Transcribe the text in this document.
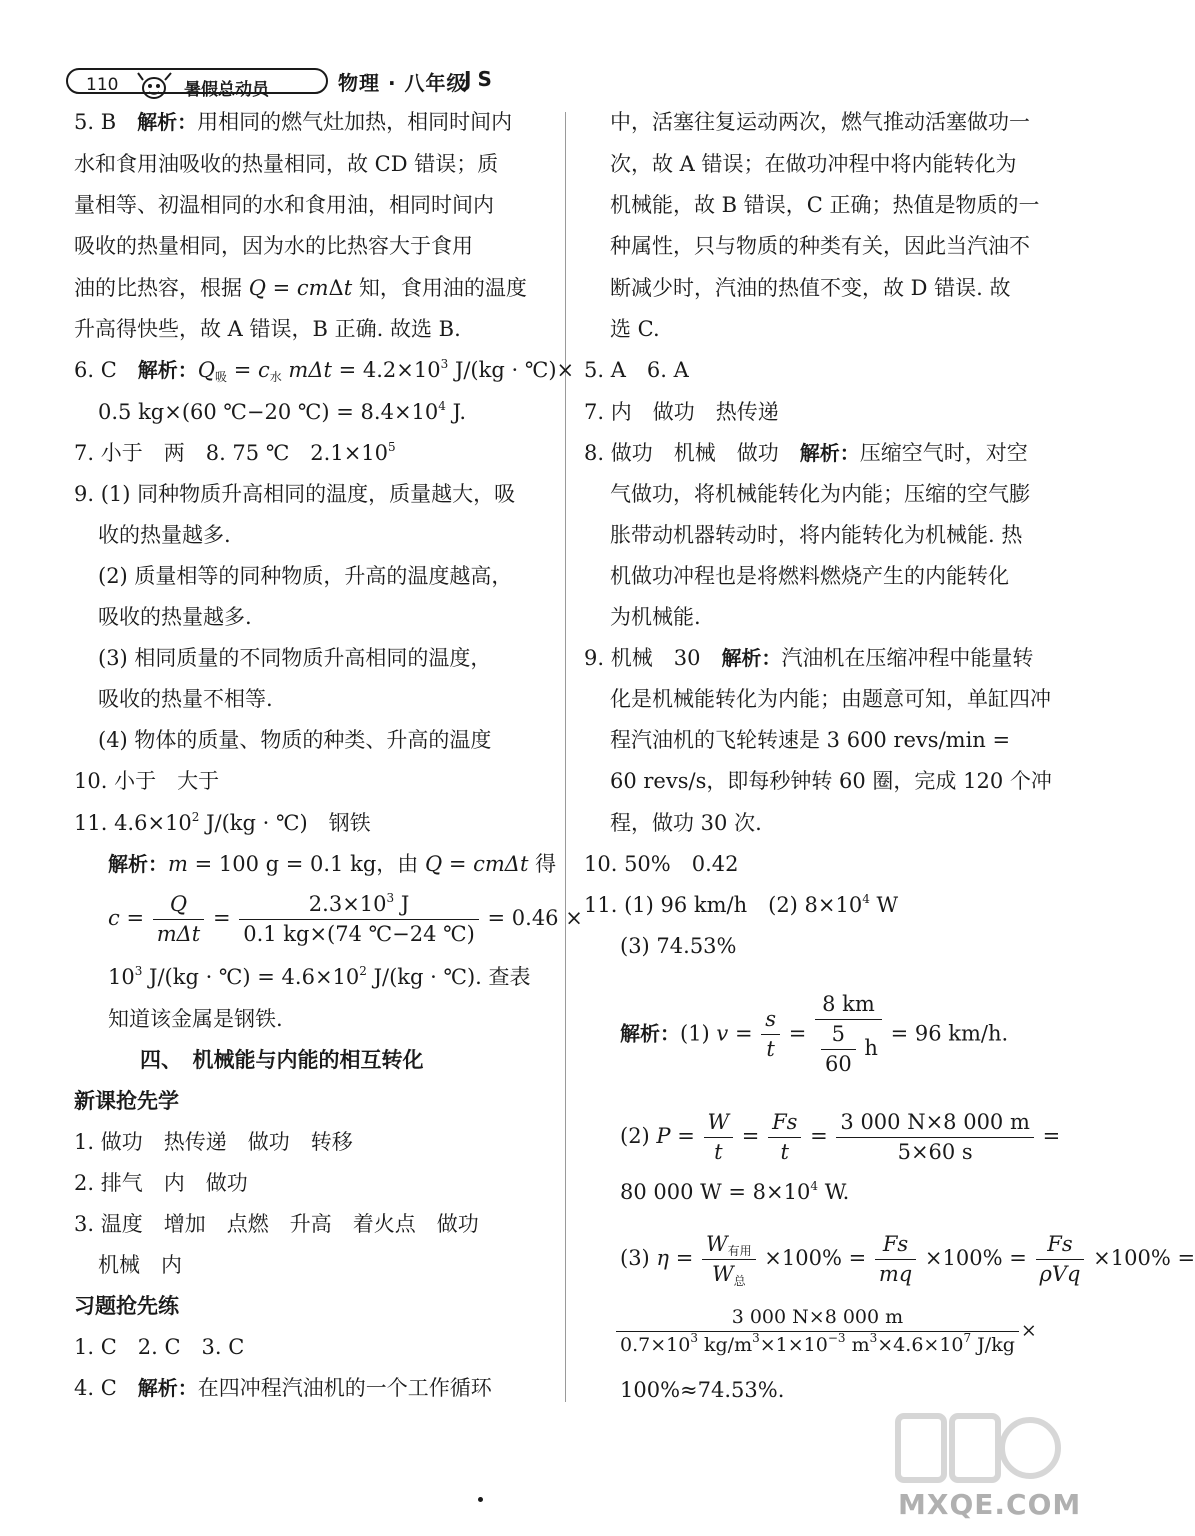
110	暑假总动员	物理 · 八年级
JS
5. B　解析：用相同的燃气灶加热，相同时间内
水和食用油吸收的热量相同，故 CD 错误；质
量相等、初温相同的水和食用油，相同时间内
吸收的热量相同，因为水的比热容大于食用
油的比热容，根据 Q = cmΔt 知，食用油的温度
升高得快些，故 A 错误，B 正确. 故选 B.
6. C　解析：$Q_吸 = c_水$ $m\Delta t = 4.2\times 10^3$ J/(kg · ℃)×
0.5 kg×(60 ℃−20 ℃) = $8.4\times 10^4$ J.
7. 小于　两　8. 75 ℃　$2.1\times 10^5$
9. (1) 同种物质升高相同的温度，质量越大，吸
收的热量越多.
(2) 质量相等的同种物质，升高的温度越高，
吸收的热量越多.
(3) 相同质量的不同物质升高相同的温度，
吸收的热量不相等.
(4) 物体的质量、物质的种类、升高的温度
10. 小于　大于
11. $4.6\times 10^2$ J/(kg · ℃)　钢铁
解析：m = 100 g = 0.1 kg，由 Q = cmΔt 得
$c = \frac{Q}{\text{mΔt}} = \frac{2.3\times 10^3 J}{0.1 kg\times(74 ℃-24 ℃)} = 0.46$ ×
$10^3$ J/(kg · ℃) = $4.6\times 10^2$ J/(kg · ℃). 查表
知道该金属是钢铁.
四、　机械能与内能的相互转化
新课抢先学
1. 做功　热传递　做功　转移
2. 排气　内　做功
3. 温度　增加　点燃　升高　着火点　做功
机械　内
习题抢先练
1. C　2. C　3. C
4. C　解析：在四冲程汽油机的一个工作循环
中，活塞往复运动两次，燃气推动活塞做功一
次，故 A 错误；在做功冲程中将内能转化为
机械能，故 B 错误，C 正确；热值是物质的一
种属性，只与物质的种类有关，因此当汽油不
断减少时，汽油的热值不变，故 D 错误. 故
选 C.
5. A　6. A
7. 内　做功　热传递
8. 做功　机械　做功　解析：压缩空气时，对空
气做功，将机械能转化为内能；压缩的空气膨
胀带动机器转动时，将内能转化为机械能. 热
机做功冲程也是将燃料燃烧产生的内能转化
为机械能.
9. 机械　30　解析：汽油机在压缩冲程中能量转
化是机械能转化为内能；由题意可知，单缸四冲
程汽油机的飞轮转速是 3 600 revs/min =
60 revs/s，即每秒钟转 60 圈，完成 120 个冲
程，做功 30 次.
10. 50%　0.42
11. (1) 96 km/h　(2) $8\times 10^4$ W
(3) 74.53%
解析：(1) $v = \frac{s}{t} = \frac{8 km}{\frac{5}{60} h} = 96$ km/h.
(2) $P = \frac{W}{t} = \frac{Fs}{t} = \frac{3 000 N\times 8 000 m}{5\times 60 s}$ =
80 000 $W = 8\times 10^4$ W.
(3) $\eta = \frac{W_{有用}}{W_总} \times 100\% = \frac{Fs}{mq} \times 100\% = \frac{Fs}{\text{ρVq}} \times 100\%$ =
$\frac{3 000 N\times 8 000 m}{0.7\times 10^3 kg/m^3\times 1\times 10^{-3} m^3\times 4.6\times 10^7 J/kg}$ ×
100%≈74.53%.
MXQE.COM
